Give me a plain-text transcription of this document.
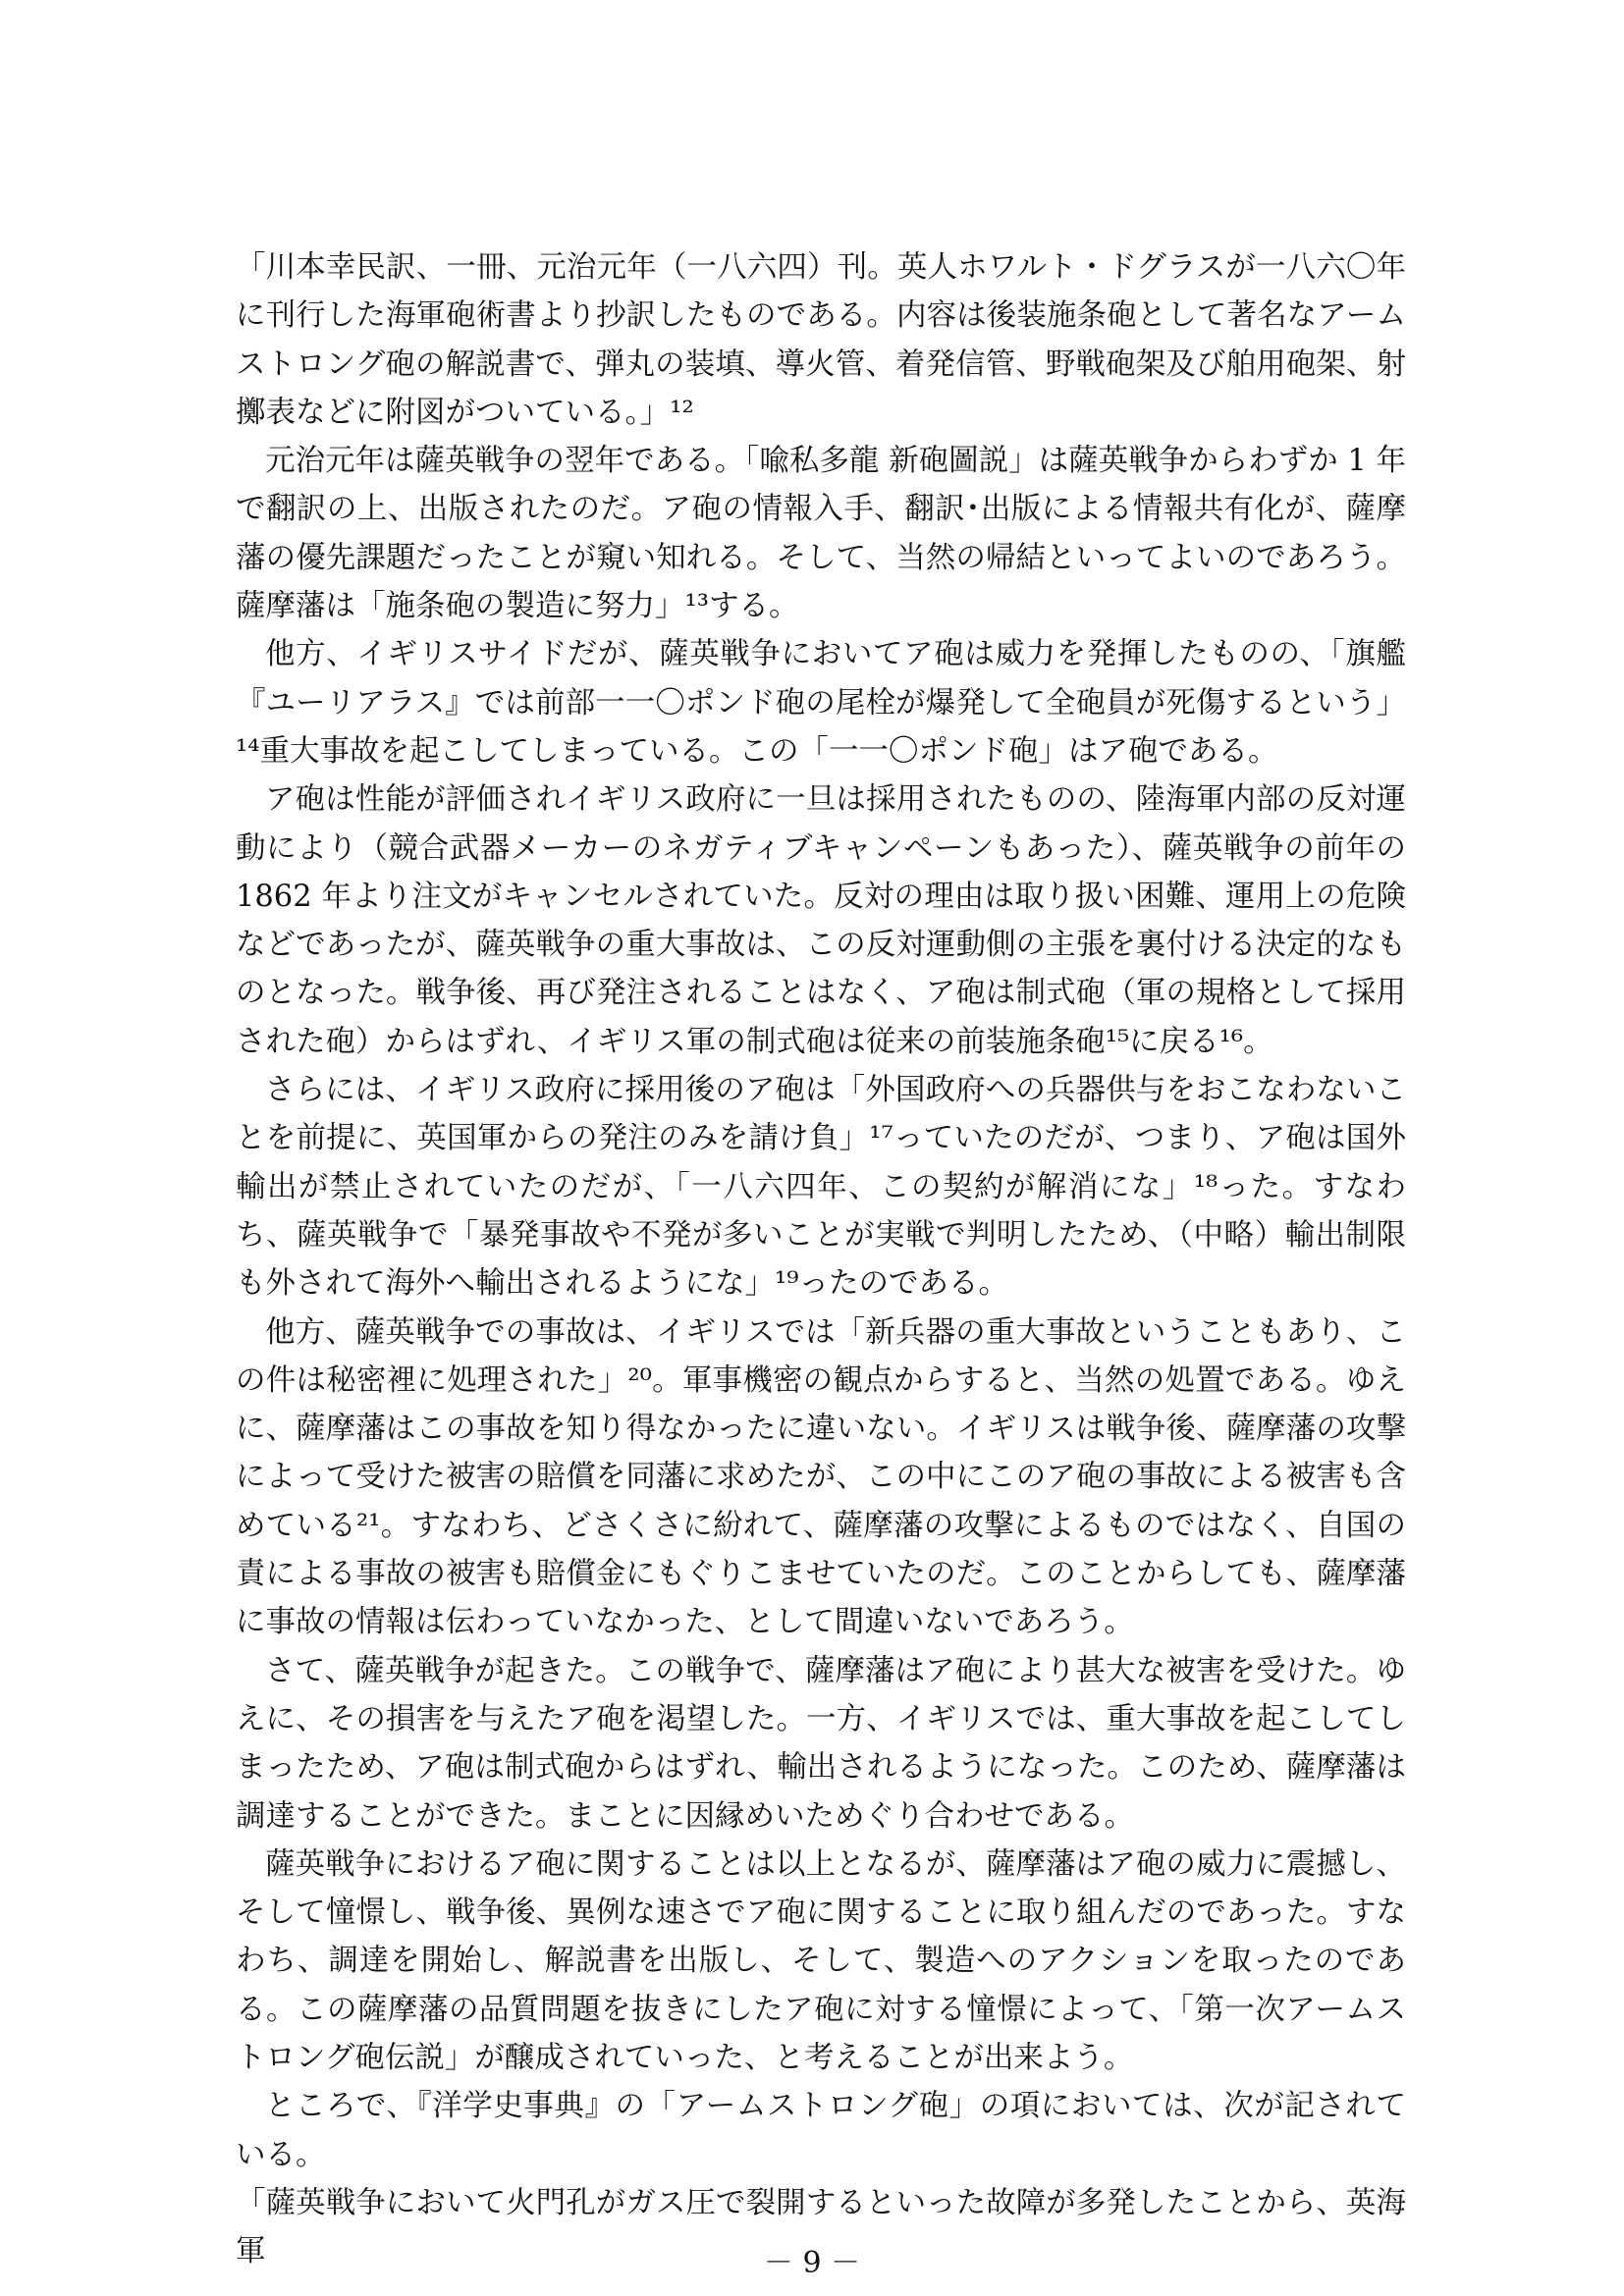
「川本幸民訳、一冊、元治元年（一八六四）刊。英人ホワルト・ドグラスが一八六〇年に刊行した海軍砲術書より抄訳したものである。内容は後装施条砲として著名なアームストロング砲の解説書で、弾丸の装填、導火管、着発信管、野戦砲架及び舶用砲架、射擲表などに附図がついている。」¹²

元治元年は薩英戦争の翌年である。「喩私多龍 新砲圖説」は薩英戦争からわずか 1 年で翻訳の上、出版されたのだ。ア砲の情報入手、翻訳･出版による情報共有化が、薩摩藩の優先課題だったことが窺い知れる。そして、当然の帰結といってよいのであろう。薩摩藩は「施条砲の製造に努力」¹³する。

他方、イギリスサイドだが、薩英戦争においてア砲は威力を発揮したものの、「旗艦『ユーリアラス』では前部一一〇ポンド砲の尾栓が爆発して全砲員が死傷するという」¹⁴重大事故を起こしてしまっている。この「一一〇ポンド砲」はア砲である。

ア砲は性能が評価されイギリス政府に一旦は採用されたものの、陸海軍内部の反対運動により（競合武器メーカーのネガティブキャンペーンもあった）、薩英戦争の前年の 1862 年より注文がキャンセルされていた。反対の理由は取り扱い困難、運用上の危険などであったが、薩英戦争の重大事故は、この反対運動側の主張を裏付ける決定的なものとなった。戦争後、再び発注されることはなく、ア砲は制式砲（軍の規格として採用された砲）からはずれ、イギリス軍の制式砲は従来の前装施条砲¹⁵に戻る¹⁶。

さらには、イギリス政府に採用後のア砲は「外国政府への兵器供与をおこなわないことを前提に、英国軍からの発注のみを請け負」¹⁷っていたのだが、つまり、ア砲は国外輸出が禁止されていたのだが、「一八六四年、この契約が解消にな」¹⁸った。すなわち、薩英戦争で「暴発事故や不発が多いことが実戦で判明したため、（中略）輸出制限も外されて海外へ輸出されるようにな」¹⁹ったのである。

他方、薩英戦争での事故は、イギリスでは「新兵器の重大事故ということもあり、この件は秘密裡に処理された」²⁰。軍事機密の観点からすると、当然の処置である。ゆえに、薩摩藩はこの事故を知り得なかったに違いない。イギリスは戦争後、薩摩藩の攻撃によって受けた被害の賠償を同藩に求めたが、この中にこのア砲の事故による被害も含めている²¹。すなわち、どさくさに紛れて、薩摩藩の攻撃によるものではなく、自国の責による事故の被害も賠償金にもぐりこませていたのだ。このことからしても、薩摩藩に事故の情報は伝わっていなかった、として間違いないであろう。

さて、薩英戦争が起きた。この戦争で、薩摩藩はア砲により甚大な被害を受けた。ゆえに、その損害を与えたア砲を渇望した。一方、イギリスでは、重大事故を起こしてしまったため、ア砲は制式砲からはずれ、輸出されるようになった。このため、薩摩藩は調達することができた。まことに因縁めいためぐり合わせである。

薩英戦争におけるア砲に関することは以上となるが、薩摩藩はア砲の威力に震撼し、そして憧憬し、戦争後、異例な速さでア砲に関することに取り組んだのであった。すなわち、調達を開始し、解説書を出版し、そして、製造へのアクションを取ったのである。この薩摩藩の品質問題を抜きにしたア砲に対する憧憬によって、「第一次アームストロング砲伝説」が醸成されていった、と考えることが出来よう。

ところで、『洋学史事典』の「アームストロング砲」の項においては、次が記されている。

「薩英戦争において火門孔がガス圧で裂開するといった故障が多発したことから、英海軍	－ 9 －
